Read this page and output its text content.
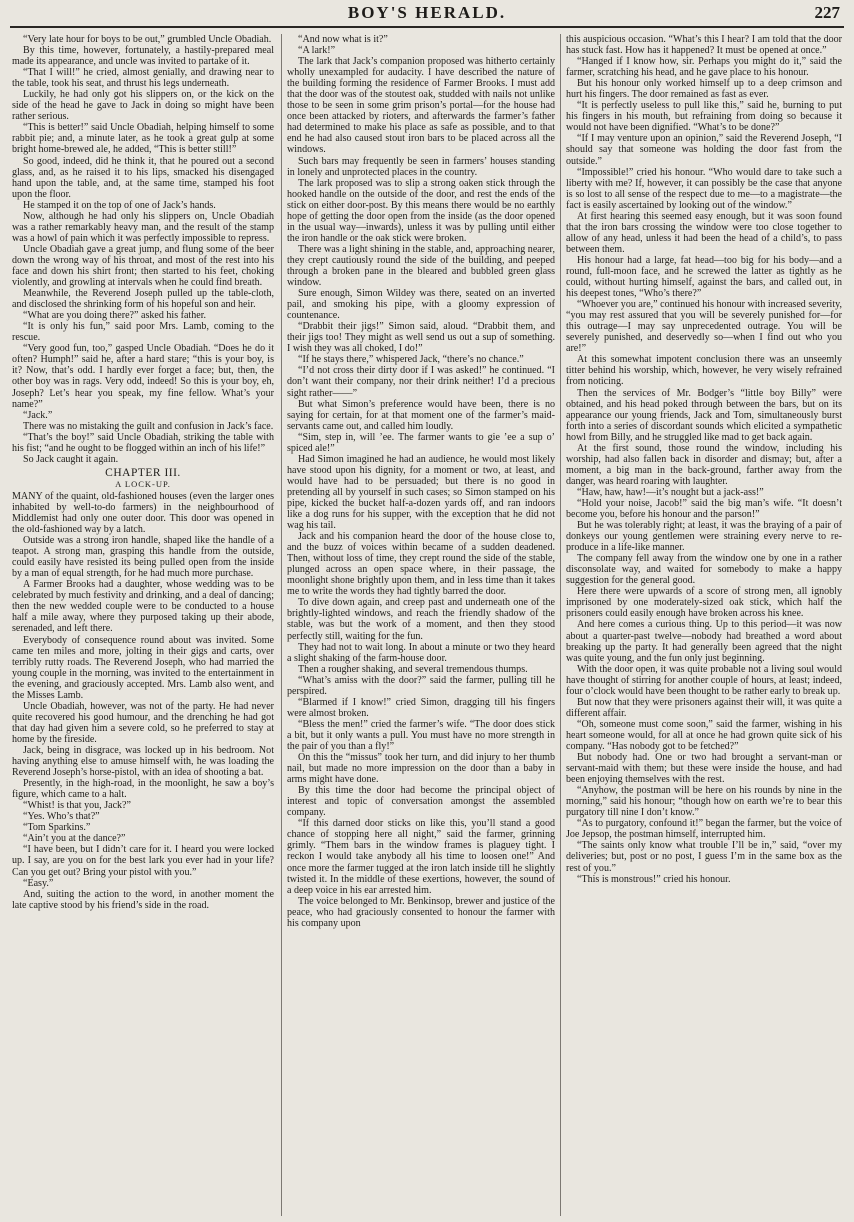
BOY'S HERALD.	227

“Very late hour for boys to be out,” grumbled Uncle Obadiah.

By this time, however, fortunately, a hastily-prepared meal made its appearance, and uncle was invited to partake of it.

“That I will!” he cried, almost genially, and drawing near to the table, took his seat, and thrust his legs underneath.

Luckily, he had only got his slippers on, or the kick on the side of the head he gave to Jack in doing so might have been rather serious.

“This is better!” said Uncle Obadiah, helping himself to some rabbit pie; and, a minute later, as he took a great gulp at some bright home-brewed ale, he added, “This is better still!”

So good, indeed, did he think it, that he poured out a second glass, and, as he raised it to his lips, smacked his disengaged hand upon the table, and, at the same time, stamped his foot upon the floor.

He stamped it on the top of one of Jack’s hands.

Now, although he had only his slippers on, Uncle Obadiah was a rather remarkably heavy man, and the result of the stamp was a howl of pain which it was perfectly impossible to repress.

Uncle Obadiah gave a great jump, and flung some of the beer down the wrong way of his throat, and most of the rest into his face and down his shirt front; then started to his feet, choking violently, and growling at intervals when he could find breath.

Meanwhile, the Reverend Joseph pulled up the table-cloth, and disclosed the shrinking form of his hopeful son and heir.

“What are you doing there?” asked his father.

“It is only his fun,” said poor Mrs. Lamb, coming to the rescue.

“Very good fun, too,” gasped Uncle Obadiah. “Does he do it often? Humph!” said he, after a hard stare; “this is your boy, is it? Now, that’s odd. I hardly ever forget a face; but, then, the other boy was in rags. Very odd, indeed! So this is your boy, eh, Joseph? Let’s hear you speak, my fine fellow. What’s your name?”

“Jack.”

There was no mistaking the guilt and confusion in Jack’s face.

“That’s the boy!” said Uncle Obadiah, striking the table with his fist; “and he ought to be flogged within an inch of his life!”

So Jack caught it again.

CHAPTER III.
A LOCK-UP.

MANY of the quaint, old-fashioned houses (even the larger ones inhabited by well-to-do farmers) in the neighbourhood of Middlemist had only one outer door. This door was opened in the old-fashioned way by a latch.

Outside was a strong iron handle, shaped like the handle of a teapot. A strong man, grasping this handle from the outside, could easily have resisted its being pulled open from the inside by a man of equal strength, for he had much more purchase.

A Farmer Brooks had a daughter, whose wedding was to be celebrated by much festivity and drinking, and a deal of dancing; then the new wedded couple were to be conducted to a house half a mile away, where they purposed taking up their abode, serenaded, and left there.

Everybody of consequence round about was invited. Some came ten miles and more, jolting in their gigs and carts, over terribly rutty roads. The Reverend Joseph, who had married the young couple in the morning, was invited to the entertainment in the evening, and graciously accepted. Mrs. Lamb also went, and the Misses Lamb.

Uncle Obadiah, however, was not of the party. He had never quite recovered his good humour, and the drenching he had got that day had given him a severe cold, so he preferred to stay at home by the fireside.

Jack, being in disgrace, was locked up in his bedroom. Not having anything else to amuse himself with, he was loading the Reverend Joseph’s horse-pistol, with an idea of shooting a bat.

Presently, in the high-road, in the moonlight, he saw a boy’s figure, which came to a halt.

“Whist! is that you, Jack?”

“Yes. Who’s that?”

“Tom Sparkins.”

“Ain’t you at the dance?”

“I have been, but I didn’t care for it. I heard you were locked up. I say, are you on for the best lark you ever had in your life? Can you get out? Bring your pistol with you.”

“Easy.”

And, suiting the action to the word, in another moment the late captive stood by his friend’s side in the road.

“And now what is it?”

“A lark!”

The lark that Jack’s companion proposed was hitherto certainly wholly unexampled for audacity. I have described the nature of the building forming the residence of Farmer Brooks. I must add that the door was of the stoutest oak, studded with nails not unlike those to be seen in some grim prison’s portal—for the house had once been attacked by rioters, and afterwards the farmer’s father had determined to make his place as safe as possible, and to that end he had also caused stout iron bars to be placed across all the windows.

Such bars may frequently be seen in farmers’ houses standing in lonely and unprotected places in the country.

The lark proposed was to slip a strong oaken stick through the hooked handle on the outside of the door, and rest the ends of the stick on either door-post. By this means there would be no earthly hope of getting the door open from the inside (as the door opened in the usual way—inwards), unless it was by pulling until either the iron handle or the oak stick were broken.

There was a light shining in the stable, and, approaching nearer, they crept cautiously round the side of the building, and peeped through a broken pane in the bleared and bubbled green glass window.

Sure enough, Simon Wildey was there, seated on an inverted pail, and smoking his pipe, with a gloomy expression of countenance.

“Drabbit their jigs!” Simon said, aloud. “Drabbit them, and their jigs too! They might as well send us out a sup of something. I wish they was all choked, I do!”

“If he stays there,” whispered Jack, “there’s no chance.”

“I’d not cross their dirty door if I was asked!” he continued. “I don’t want their company, nor their drink neither! I’d a precious sight rather——”

But what Simon’s preference would have been, there is no saying for certain, for at that moment one of the farmer’s maid-servants came out, and called him loudly.

“Sim, step in, will ’ee. The farmer wants to gie ’ee a sup o’ spiced ale!”

Had Simon imagined he had an audience, he would most likely have stood upon his dignity, for a moment or two, at least, and would have had to be persuaded; but there is no good in pretending all by yourself in such cases; so Simon stamped on his pipe, kicked the bucket half-a-dozen yards off, and ran indoors like a dog runs for his supper, with the exception that he did not wag his tail.

Jack and his companion heard the door of the house close to, and the buzz of voices within became of a sudden deadened. Then, without loss of time, they crept round the side of the stable, plunged across an open space where, in their passage, the moonlight shone brightly upon them, and in less time than it takes me to write the words they had tightly barred the door.

To dive down again, and creep past and underneath one of the brightly-lighted windows, and reach the friendly shadow of the stable, was but the work of a moment, and then they stood perfectly still, waiting for the fun.

They had not to wait long. In about a minute or two they heard a slight shaking of the farm-house door.

Then a rougher shaking, and several tremendous thumps.

“What’s amiss with the door?” said the farmer, pulling till he perspired.

“Blarmed if I know!” cried Simon, dragging till his fingers were almost broken.

“Bless the men!” cried the farmer’s wife. “The door does stick a bit, but it only wants a pull. You must have no more strength in the pair of you than a fly!”

On this the “missus” took her turn, and did injury to her thumb nail, but made no more impression on the door than a baby in arms might have done.

By this time the door had become the principal object of interest and topic of conversation amongst the assembled company.

“If this darned door sticks on like this, you’ll stand a good chance of stopping here all night,” said the farmer, grinning grimly. “Them bars in the window frames is plaguey tight. I reckon I would take anybody all his time to loosen one!” And once more the farmer tugged at the iron latch inside till he slightly twisted it. In the middle of these exertions, however, the sound of a deep voice in his ear arrested him.

The voice belonged to Mr. Benkinsop, brewer and justice of the peace, who had graciously consented to honour the farmer with his company upon

this auspicious occasion. “What’s this I hear? I am told that the door has stuck fast. How has it happened? It must be opened at once.”

“Hanged if I know how, sir. Perhaps you might do it,” said the farmer, scratching his head, and he gave place to his honour.

But his honour only worked himself up to a deep crimson and hurt his fingers. The door remained as fast as ever.

“It is perfectly useless to pull like this,” said he, burning to put his fingers in his mouth, but refraining from doing so because it would not have been dignified. “What’s to be done?”

“If I may venture upon an opinion,” said the Reverend Joseph, “I should say that someone was holding the door fast from the outside.”

“Impossible!” cried his honour. “Who would dare to take such a liberty with me? If, however, it can possibly be the case that anyone is so lost to all sense of the respect due to me—to a magistrate—the fact is easily ascertained by looking out of the window.”

At first hearing this seemed easy enough, but it was soon found that the iron bars crossing the window were too close together to allow of any head, unless it had been the head of a child’s, to pass between them.

His honour had a large, fat head—too big for his body—and a round, full-moon face, and he screwed the latter as tightly as he could, without hurting himself, against the bars, and called out, in his deepest tones, “Who’s there?”

“Whoever you are,” continued his honour with increased severity, “you may rest assured that you will be severely punished for—for this outrage—I may say unprecedented outrage. You will be severely punished, and deservedly so—when I find out who you are!”

At this somewhat impotent conclusion there was an unseemly titter behind his worship, which, however, he very wisely refrained from noticing.

Then the services of Mr. Bodger’s “little boy Billy” were obtained, and his head poked through between the bars, but on its appearance our young friends, Jack and Tom, simultaneously burst forth into a series of discordant sounds which elicited a sympathetic howl from Billy, and he struggled like mad to get back again.

At the first sound, those round the window, including his worship, had also fallen back in disorder and dismay; but, after a moment, a big man in the back-ground, farther away from the danger, was heard roaring with laughter.

“Haw, haw, haw!—it’s nought but a jack-ass!”

“Hold your noise, Jacob!” said the big man’s wife. “It doesn’t become you, before his honour and the parson!”

But he was tolerably right; at least, it was the braying of a pair of donkeys our young gentlemen were straining every nerve to re-produce in a life-like manner.

The company fell away from the window one by one in a rather disconsolate way, and waited for somebody to make a happy suggestion for the general good.

Here there were upwards of a score of strong men, all ignobly imprisoned by one moderately-sized oak stick, which half the prisoners could easily enough have broken across his knee.

And here comes a curious thing. Up to this period—it was now about a quarter-past twelve—nobody had breathed a word about breaking up the party. It had generally been agreed that the night was quite young, and the fun only just beginning.

With the door open, it was quite probable not a living soul would have thought of stirring for another couple of hours, at least; indeed, four o’clock would have been thought to be rather early to break up.

But now that they were prisoners against their will, it was quite a different affair.

“Oh, someone must come soon,” said the farmer, wishing in his heart someone would, for all at once he had grown quite sick of his company. “Has nobody got to be fetched?”

But nobody had. One or two had brought a servant-man or servant-maid with them; but these were inside the house, and had been enjoying themselves with the rest.

“Anyhow, the postman will be here on his rounds by nine in the morning,” said his honour; “though how on earth we’re to bear this purgatory till nine I don’t know.”

“As to purgatory, confound it!” began the farmer, but the voice of Joe Jepsop, the postman himself, interrupted him.

“The saints only know what trouble I’ll be in,” said, “over my deliveries; but, post or no post, I guess I’m in the same box as the rest of you.”

“This is monstrous!” cried his honour.
